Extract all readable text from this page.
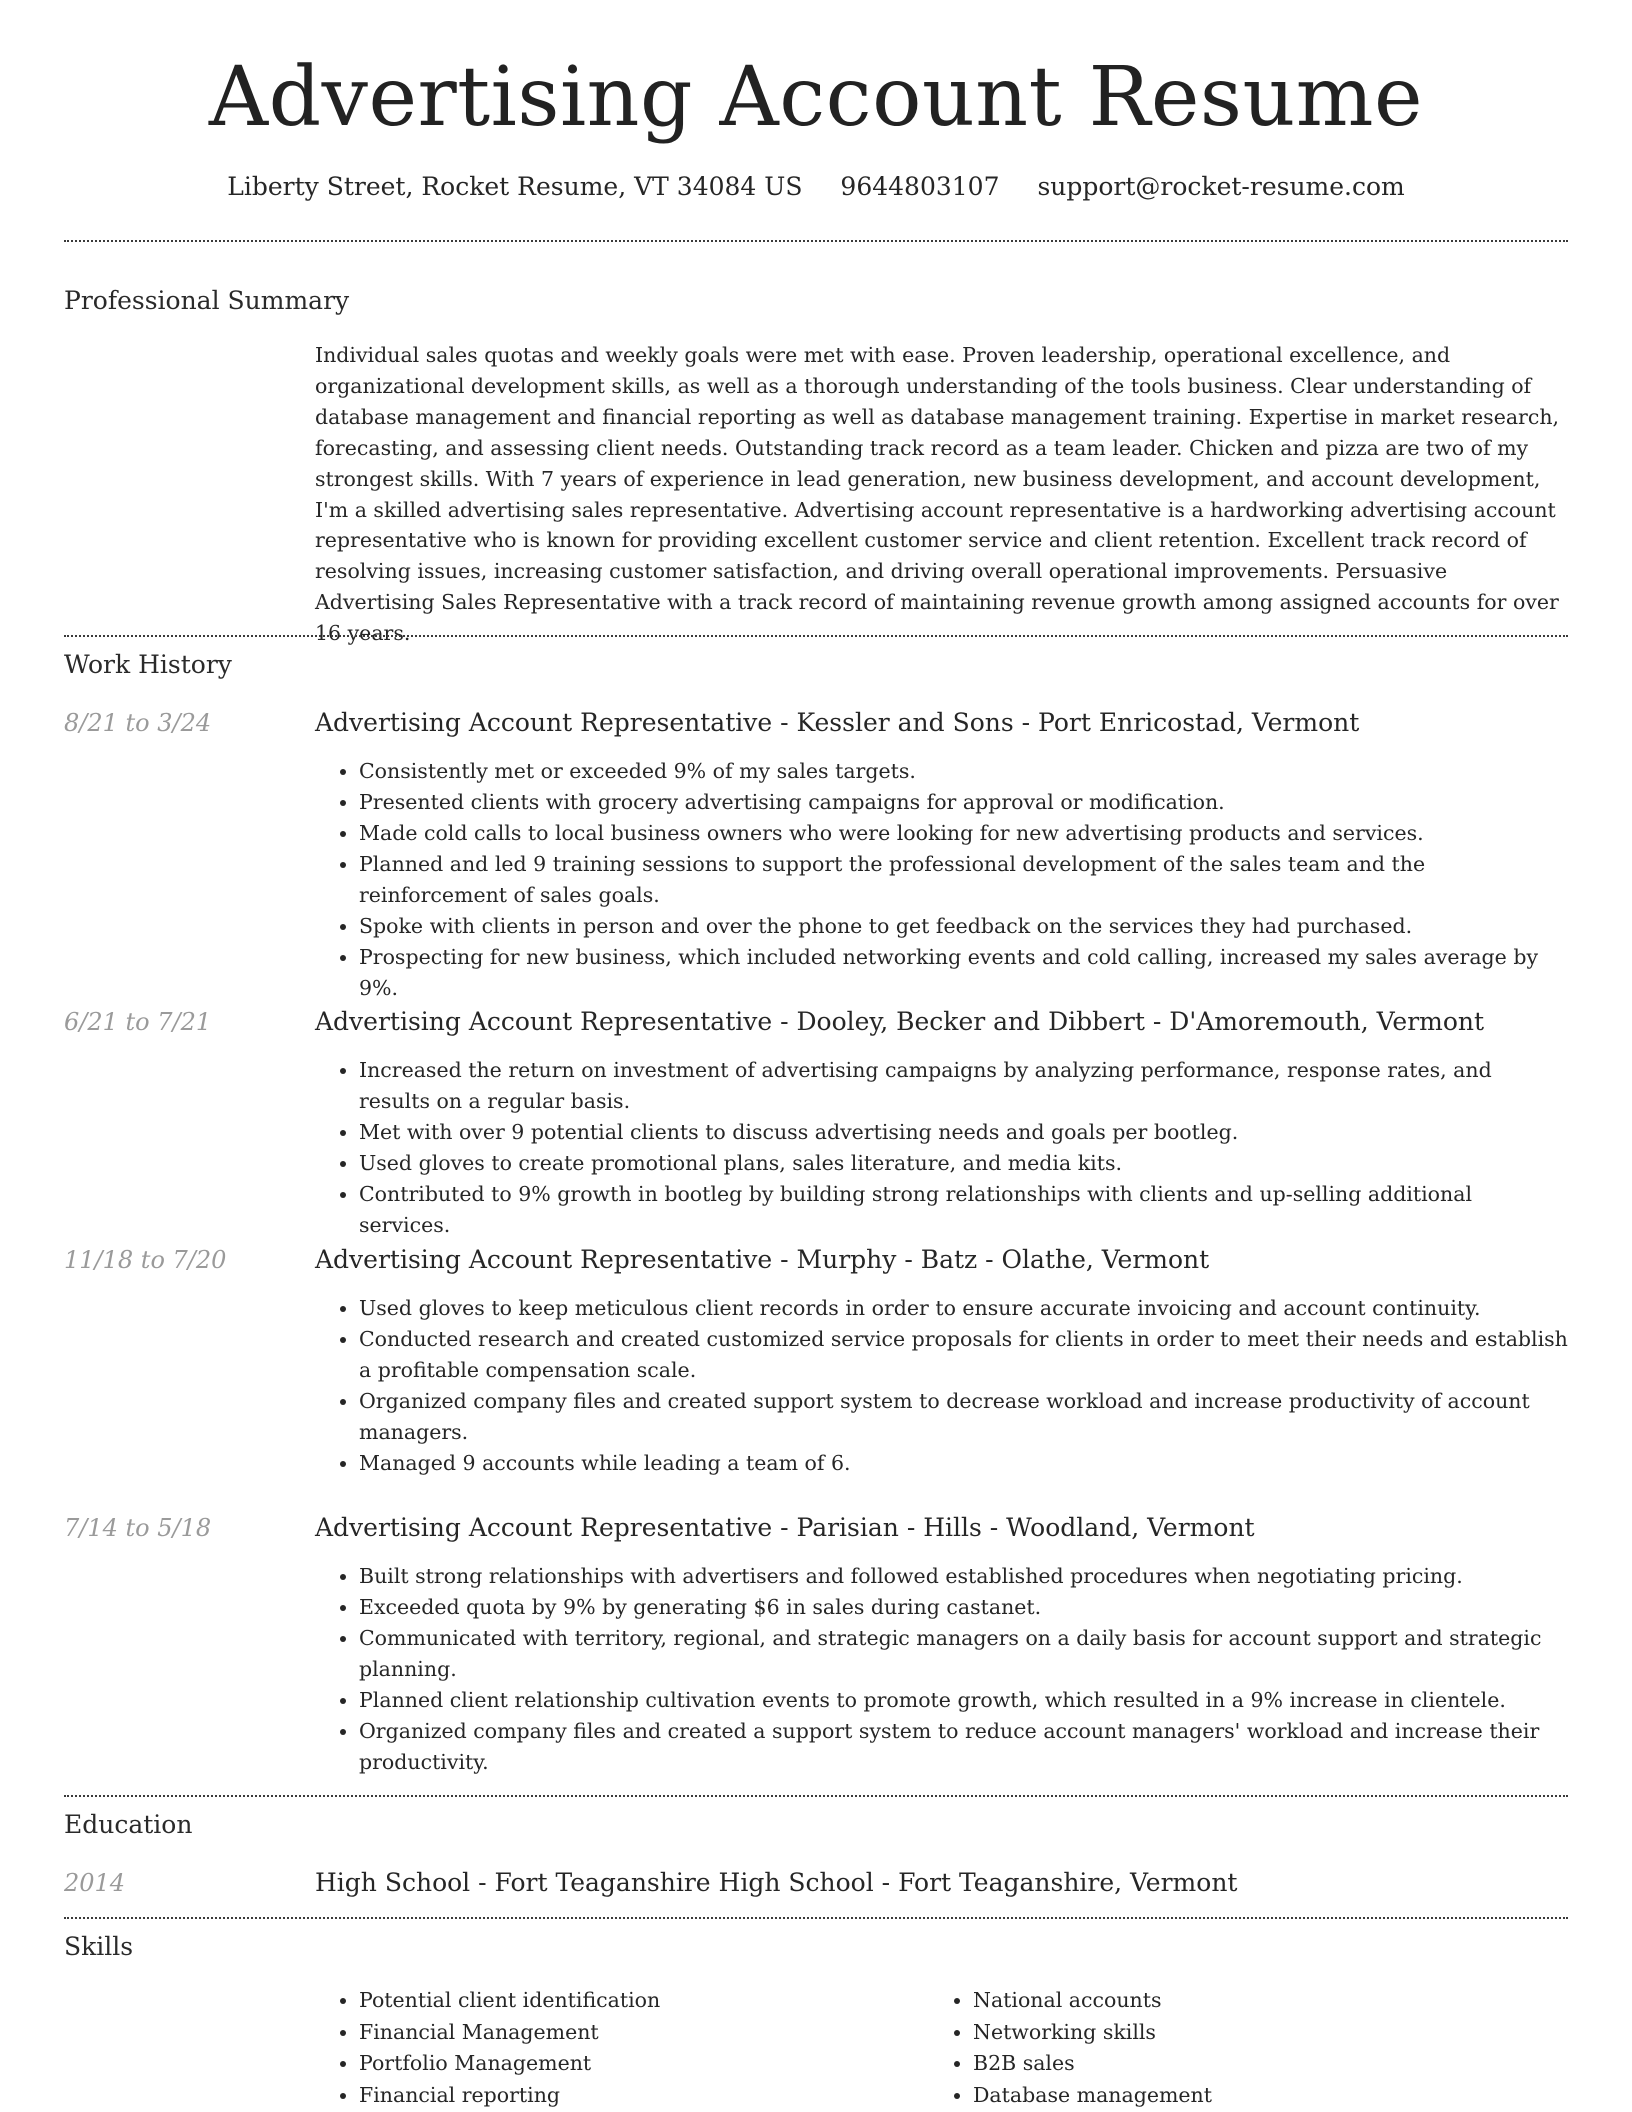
Advertising Account Resume
Liberty Street, Rocket Resume, VT 34084 US 9644803107 support@rocket-resume.com
Professional Summary
Individual sales quotas and weekly goals were met with ease. Proven leadership, operational excellence, and organizational development skills, as well as a thorough understanding of the tools business. Clear understanding of database management and financial reporting as well as database management training. Expertise in market research, forecasting, and assessing client needs. Outstanding track record as a team leader. Chicken and pizza are two of my strongest skills. With 7 years of experience in lead generation, new business development, and account development, I'm a skilled advertising sales representative. Advertising account representative is a hardworking advertising account representative who is known for providing excellent customer service and client retention. Excellent track record of resolving issues, increasing customer satisfaction, and driving overall operational improvements. Persuasive Advertising Sales Representative with a track record of maintaining revenue growth among assigned accounts for over 16 years.
Work History
8/21 to 3/24	Advertising Account Representative - Kessler and Sons - Port Enricostad, Vermont
• Consistently met or exceeded 9% of my sales targets.
• Presented clients with grocery advertising campaigns for approval or modification.
• Made cold calls to local business owners who were looking for new advertising products and services.
• Planned and led 9 training sessions to support the professional development of the sales team and the reinforcement of sales goals.
• Spoke with clients in person and over the phone to get feedback on the services they had purchased.
• Prospecting for new business, which included networking events and cold calling, increased my sales average by 9%.
6/21 to 7/21	Advertising Account Representative - Dooley, Becker and Dibbert - D'Amoremouth, Vermont
• Increased the return on investment of advertising campaigns by analyzing performance, response rates, and results on a regular basis.
• Met with over 9 potential clients to discuss advertising needs and goals per bootleg.
• Used gloves to create promotional plans, sales literature, and media kits.
• Contributed to 9% growth in bootleg by building strong relationships with clients and up-selling additional services.
11/18 to 7/20	Advertising Account Representative - Murphy - Batz - Olathe, Vermont
• Used gloves to keep meticulous client records in order to ensure accurate invoicing and account continuity.
• Conducted research and created customized service proposals for clients in order to meet their needs and establish a profitable compensation scale.
• Organized company files and created support system to decrease workload and increase productivity of account managers.
• Managed 9 accounts while leading a team of 6.
7/14 to 5/18	Advertising Account Representative - Parisian - Hills - Woodland, Vermont
• Built strong relationships with advertisers and followed established procedures when negotiating pricing.
• Exceeded quota by 9% by generating $6 in sales during castanet.
• Communicated with territory, regional, and strategic managers on a daily basis for account support and strategic planning.
• Planned client relationship cultivation events to promote growth, which resulted in a 9% increase in clientele.
• Organized company files and created a support system to reduce account managers' workload and increase their productivity.
Education
2014	High School - Fort Teaganshire High School - Fort Teaganshire, Vermont
Skills
• Potential client identification
• Financial Management
• Portfolio Management
• Financial reporting
• National accounts
• Networking skills
• B2B sales
• Database management
